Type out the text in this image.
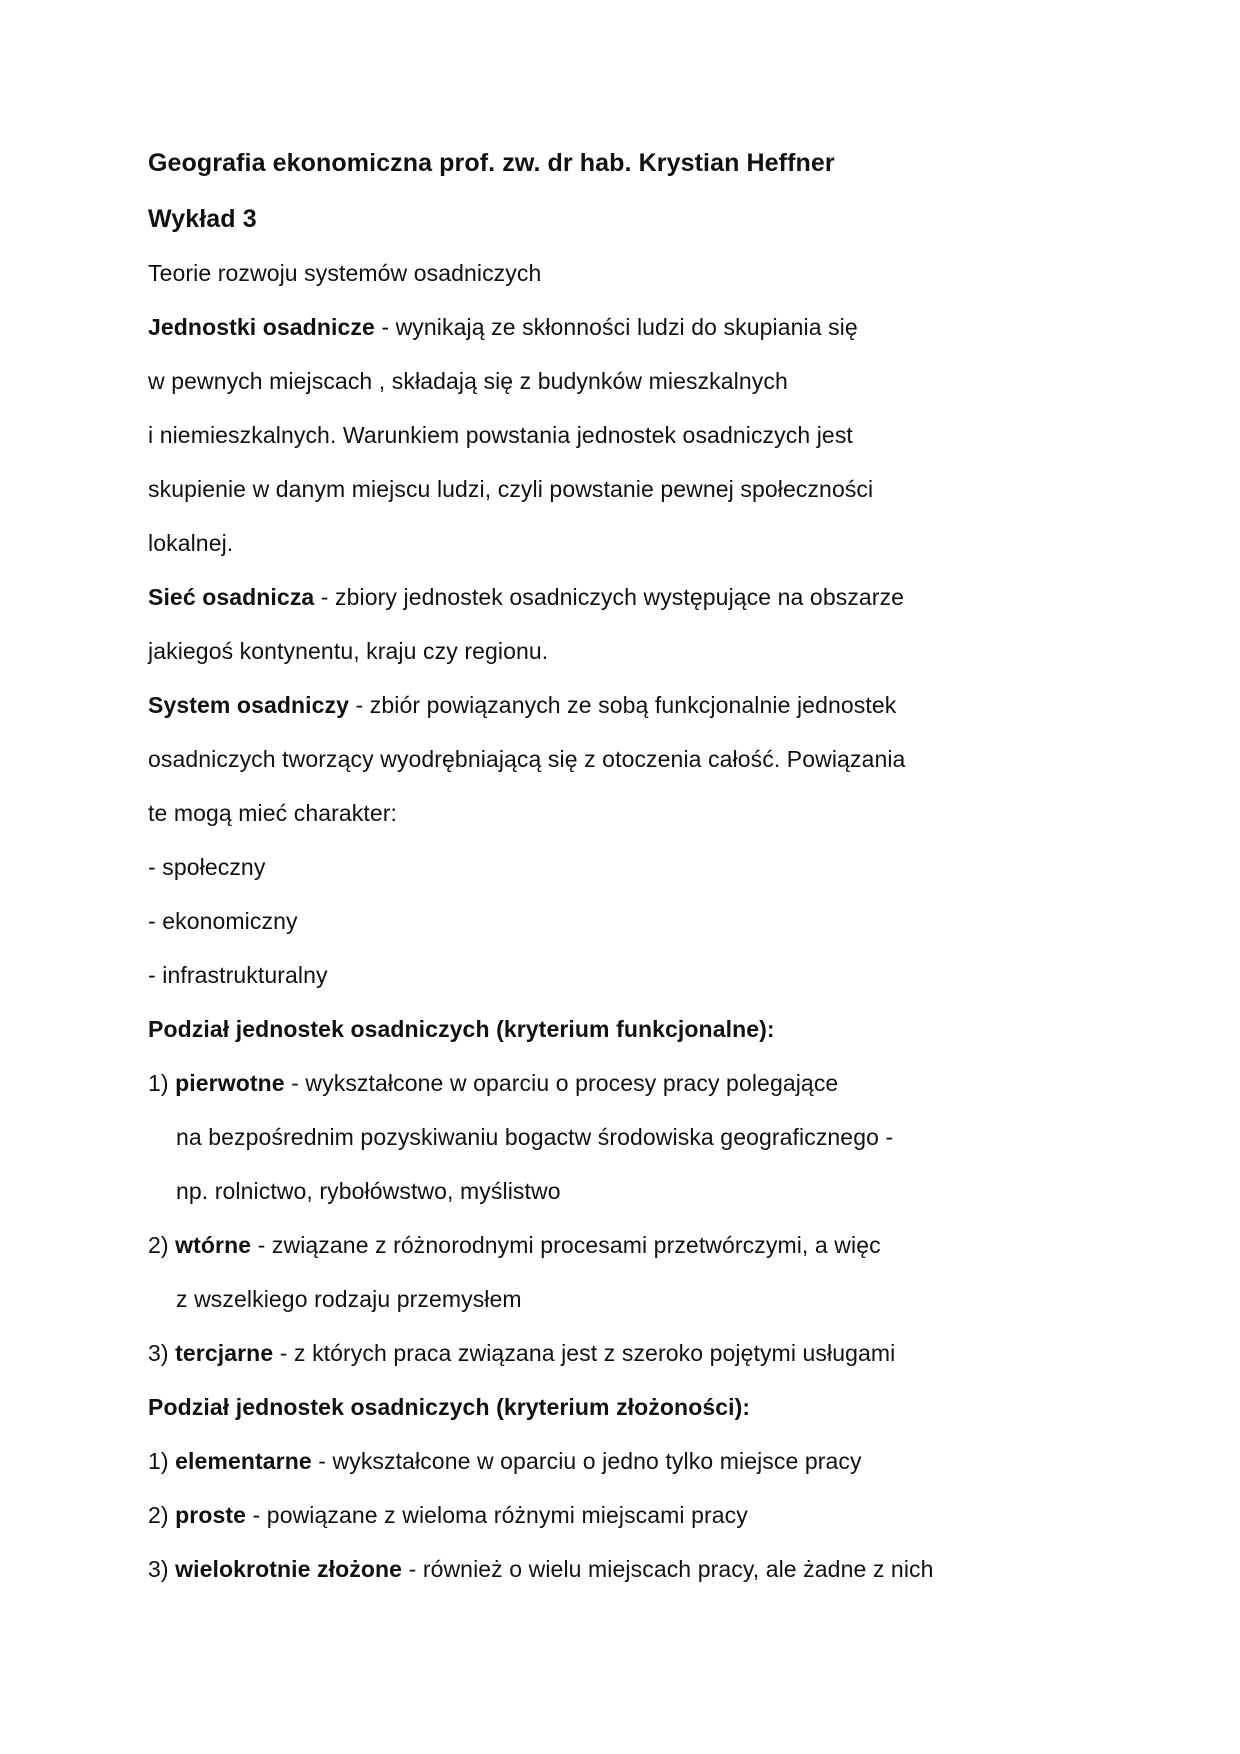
Geografia ekonomiczna prof. zw. dr hab. Krystian Heffner
Wykład 3
Teorie rozwoju systemów osadniczych
Jednostki osadnicze - wynikają ze skłonności ludzi do skupiania się
w pewnych miejscach , składają się z budynków mieszkalnych
i niemieszkalnych. Warunkiem powstania jednostek osadniczych jest
skupienie w danym miejscu ludzi, czyli powstanie pewnej społeczności
lokalnej.
Sieć osadnicza - zbiory jednostek osadniczych występujące na obszarze
jakiegoś kontynentu, kraju czy regionu.
System osadniczy - zbiór powiązanych ze sobą funkcjonalnie jednostek
osadniczych tworzący wyodrębniającą się z otoczenia całość. Powiązania
te mogą mieć charakter:
- społeczny
- ekonomiczny
- infrastrukturalny
Podział jednostek osadniczych (kryterium funkcjonalne):
1) pierwotne - wykształcone w oparciu o procesy pracy polegające
na bezpośrednim pozyskiwaniu bogactw środowiska geograficznego -
np. rolnictwo, rybołówstwo, myślistwo
2) wtórne - związane z różnorodnymi procesami przetwórczymi, a więc
z wszelkiego rodzaju przemysłem
3) tercjarne - z których praca związana jest z szeroko pojętymi usługami
Podział jednostek osadniczych (kryterium złożoności):
1) elementarne - wykształcone w oparciu o jedno tylko miejsce pracy
2) proste - powiązane z wieloma różnymi miejscami pracy
3) wielokrotnie złożone - również o wielu miejscach pracy, ale żadne z nich
